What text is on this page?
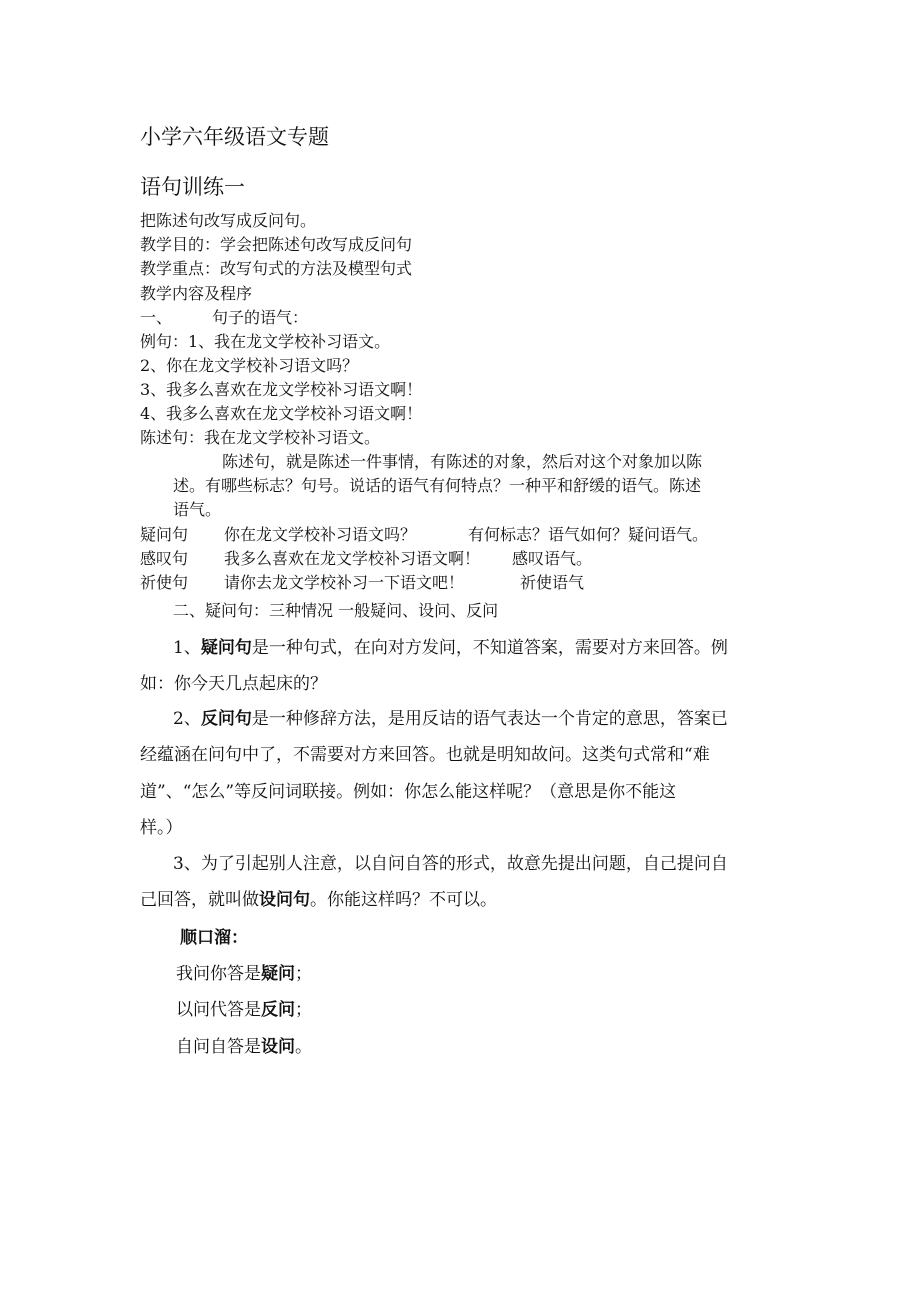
小学六年级语文专题
语句训练一
把陈述句改写成反问句。
教学目的：学会把陈述句改写成反问句
教学重点：改写句式的方法及模型句式
教学内容及程序
一、	句子的语气：
例句：1、我在龙文学校补习语文。
2、你在龙文学校补习语文吗？
3、我多么喜欢在龙文学校补习语文啊！
4、我多么喜欢在龙文学校补习语文啊！
陈述句：我在龙文学校补习语文。
陈述句，就是陈述一件事情，有陈述的对象，然后对这个对象加以陈
述。有哪些标志？句号。说话的语气有何特点？一种平和舒缓的语气。陈述
语气。
疑问句 你在龙文学校补习语文吗？	有何标志？语气如何？疑问语气。
感叹句 我多么喜欢在龙文学校补习语文啊！ 感叹语气。
祈使句 请你去龙文学校补习一下语文吧！	祈使语气
二、疑问句：三种情况 一般疑问、设问、反问
1、疑问句是一种句式，在向对方发问，不知道答案，需要对方来回答。例
如：你今天几点起床的？
2、反问句是一种修辞方法，是用反诘的语气表达一个肯定的意思，答案已
经蕴涵在问句中了，不需要对方来回答。也就是明知故问。这类句式常和“难
道”、“怎么”等反问词联接。例如：你怎么能这样呢？（意思是你不能这
样。）
3、为了引起别人注意，以自问自答的形式，故意先提出问题，自己提问自
己回答，就叫做设问句。你能这样吗？不可以。
顺口溜：
我问你答是疑问；
以问代答是反问；
自问自答是设问。
